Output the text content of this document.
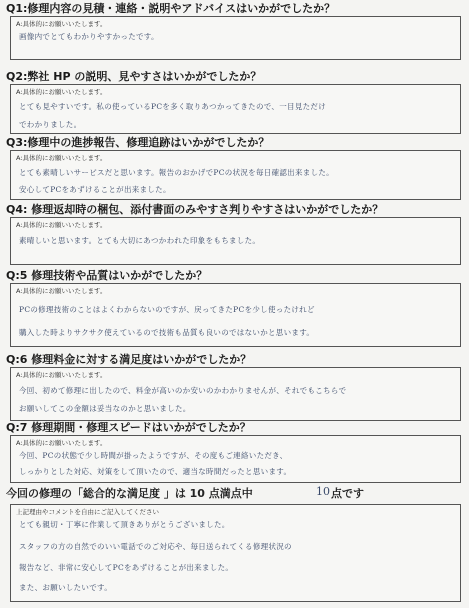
Q1:修理内容の見積・連絡・説明やアドバイスはいかがでしたか？
A:具体的にお願いいたします。
画像内でとてもわかりやすかったです。
Q2:弊社 HP の説明、見やすさはいかがでしたか？
A:具体的にお願いいたします。
とても見やすいです。私の使っているPCを多く取りあつかってきたので、一目見ただけ
でわかりました。
Q3:修理中の進捗報告、修理追跡はいかがでしたか？
A:具体的にお願いいたします。
とても素晴しいサービスだと思います。報告のおかげでPCの状況を毎日確認出来ました。
安心してPCをあずけることが出来ました。
Q4: 修理返却時の梱包、添付書面のみやすさ判りやすさはいかがでしたか？
A:具体的にお願いいたします。
素晴しいと思います。とても大切にあつかわれた印象をもちました。
Q:5 修理技術や品質はいかがでしたか？
A:具体的にお願いいたします。
PCの修理技術のことはよくわからないのですが、戻ってきたPCを少し使ったけれど
購入した時よりサクサク使えているので技術も品質も良いのではないかと思います。
Q:6 修理料金に対する満足度はいかがでしたか？
A:具体的にお願いいたします。
今回、初めて修理に出したので、料金が高いのか安いのかわかりませんが、それでもこちらで
お願いしてこの金額は妥当なのかと思いました。
Q:7 修理期間・修理スピードはいかがでしたか？
A:具体的にお願いいたします。
今回、PCの状態で少し時間が掛ったようですが、その度もご連絡いただき、
しっかりとした対応、対策をして頂いたので、適当な時間だったと思います。
今回の修理の「総合的な満足度 」は 10 点満点中	10 点です
上記理由やコメントを自由にご記入してください
とても親切・丁寧に作業して頂きありがとうございました。
スタッフの方の自然でのいい電話でのご対応や、毎日送られてくる修理状況の
報告など、非常に安心してPCをあずけることが出来ました。
また、お願いしたいです。
